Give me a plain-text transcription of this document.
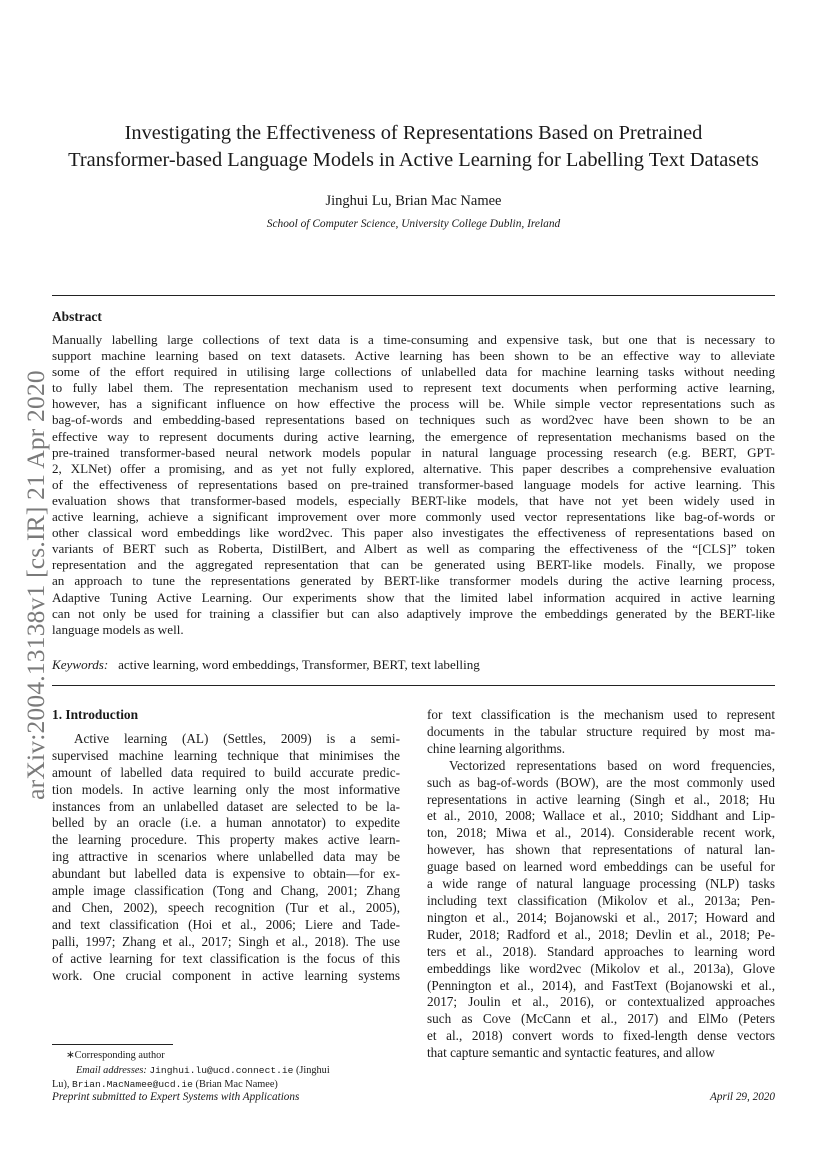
arXiv:2004.13138v1 [cs.IR] 21 Apr 2020
Investigating the Effectiveness of Representations Based on Pretrained
Transformer-based Language Models in Active Learning for Labelling Text Datasets
Jinghui Lu, Brian Mac Namee
School of Computer Science, University College Dublin, Ireland
Abstract
Manually labelling large collections of text data is a time-consuming and expensive task, but one that is necessary to
support machine learning based on text datasets. Active learning has been shown to be an effective way to alleviate
some of the effort required in utilising large collections of unlabelled data for machine learning tasks without needing
to fully label them. The representation mechanism used to represent text documents when performing active learning,
however, has a significant influence on how effective the process will be. While simple vector representations such as
bag-of-words and embedding-based representations based on techniques such as word2vec have been shown to be an
effective way to represent documents during active learning, the emergence of representation mechanisms based on the
pre-trained transformer-based neural network models popular in natural language processing research (e.g. BERT, GPT-
2, XLNet) offer a promising, and as yet not fully explored, alternative. This paper describes a comprehensive evaluation
of the effectiveness of representations based on pre-trained transformer-based language models for active learning. This
evaluation shows that transformer-based models, especially BERT-like models, that have not yet been widely used in
active learning, achieve a significant improvement over more commonly used vector representations like bag-of-words or
other classical word embeddings like word2vec. This paper also investigates the effectiveness of representations based on
variants of BERT such as Roberta, DistilBert, and Albert as well as comparing the effectiveness of the “[CLS]” token
representation and the aggregated representation that can be generated using BERT-like models. Finally, we propose
an approach to tune the representations generated by BERT-like transformer models during the active learning process,
Adaptive Tuning Active Learning. Our experiments show that the limited label information acquired in active learning
can not only be used for training a classifier but can also adaptively improve the embeddings generated by the BERT-like
language models as well.
Keywords: active learning, word embeddings, Transformer, BERT, text labelling
1. Introduction
Active learning (AL) (Settles, 2009) is a semi-
supervised machine learning technique that minimises the
amount of labelled data required to build accurate predic-
tion models. In active learning only the most informative
instances from an unlabelled dataset are selected to be la-
belled by an oracle (i.e. a human annotator) to expedite
the learning procedure. This property makes active learn-
ing attractive in scenarios where unlabelled data may be
abundant but labelled data is expensive to obtain—for ex-
ample image classification (Tong and Chang, 2001; Zhang
and Chen, 2002), speech recognition (Tur et al., 2005),
and text classification (Hoi et al., 2006; Liere and Tade-
palli, 1997; Zhang et al., 2017; Singh et al., 2018). The use
of active learning for text classification is the focus of this
work. One crucial component in active learning systems
for text classification is the mechanism used to represent
documents in the tabular structure required by most ma-
chine learning algorithms.
Vectorized representations based on word frequencies,
such as bag-of-words (BOW), are the most commonly used
representations in active learning (Singh et al., 2018; Hu
et al., 2010, 2008; Wallace et al., 2010; Siddhant and Lip-
ton, 2018; Miwa et al., 2014). Considerable recent work,
however, has shown that representations of natural lan-
guage based on learned word embeddings can be useful for
a wide range of natural language processing (NLP) tasks
including text classification (Mikolov et al., 2013a; Pen-
nington et al., 2014; Bojanowski et al., 2017; Howard and
Ruder, 2018; Radford et al., 2018; Devlin et al., 2018; Pe-
ters et al., 2018). Standard approaches to learning word
embeddings like word2vec (Mikolov et al., 2013a), Glove
(Pennington et al., 2014), and FastText (Bojanowski et al.,
2017; Joulin et al., 2016), or contextualized approaches
such as Cove (McCann et al., 2017) and ElMo (Peters
et al., 2018) convert words to fixed-length dense vectors
that capture semantic and syntactic features, and allow
∗Corresponding author
Email addresses: Jinghui.lu@ucd.connect.ie (Jinghui
Lu), Brian.MacNamee@ucd.ie (Brian Mac Namee)
Preprint submitted to Expert Systems with Applications	April 29, 2020
